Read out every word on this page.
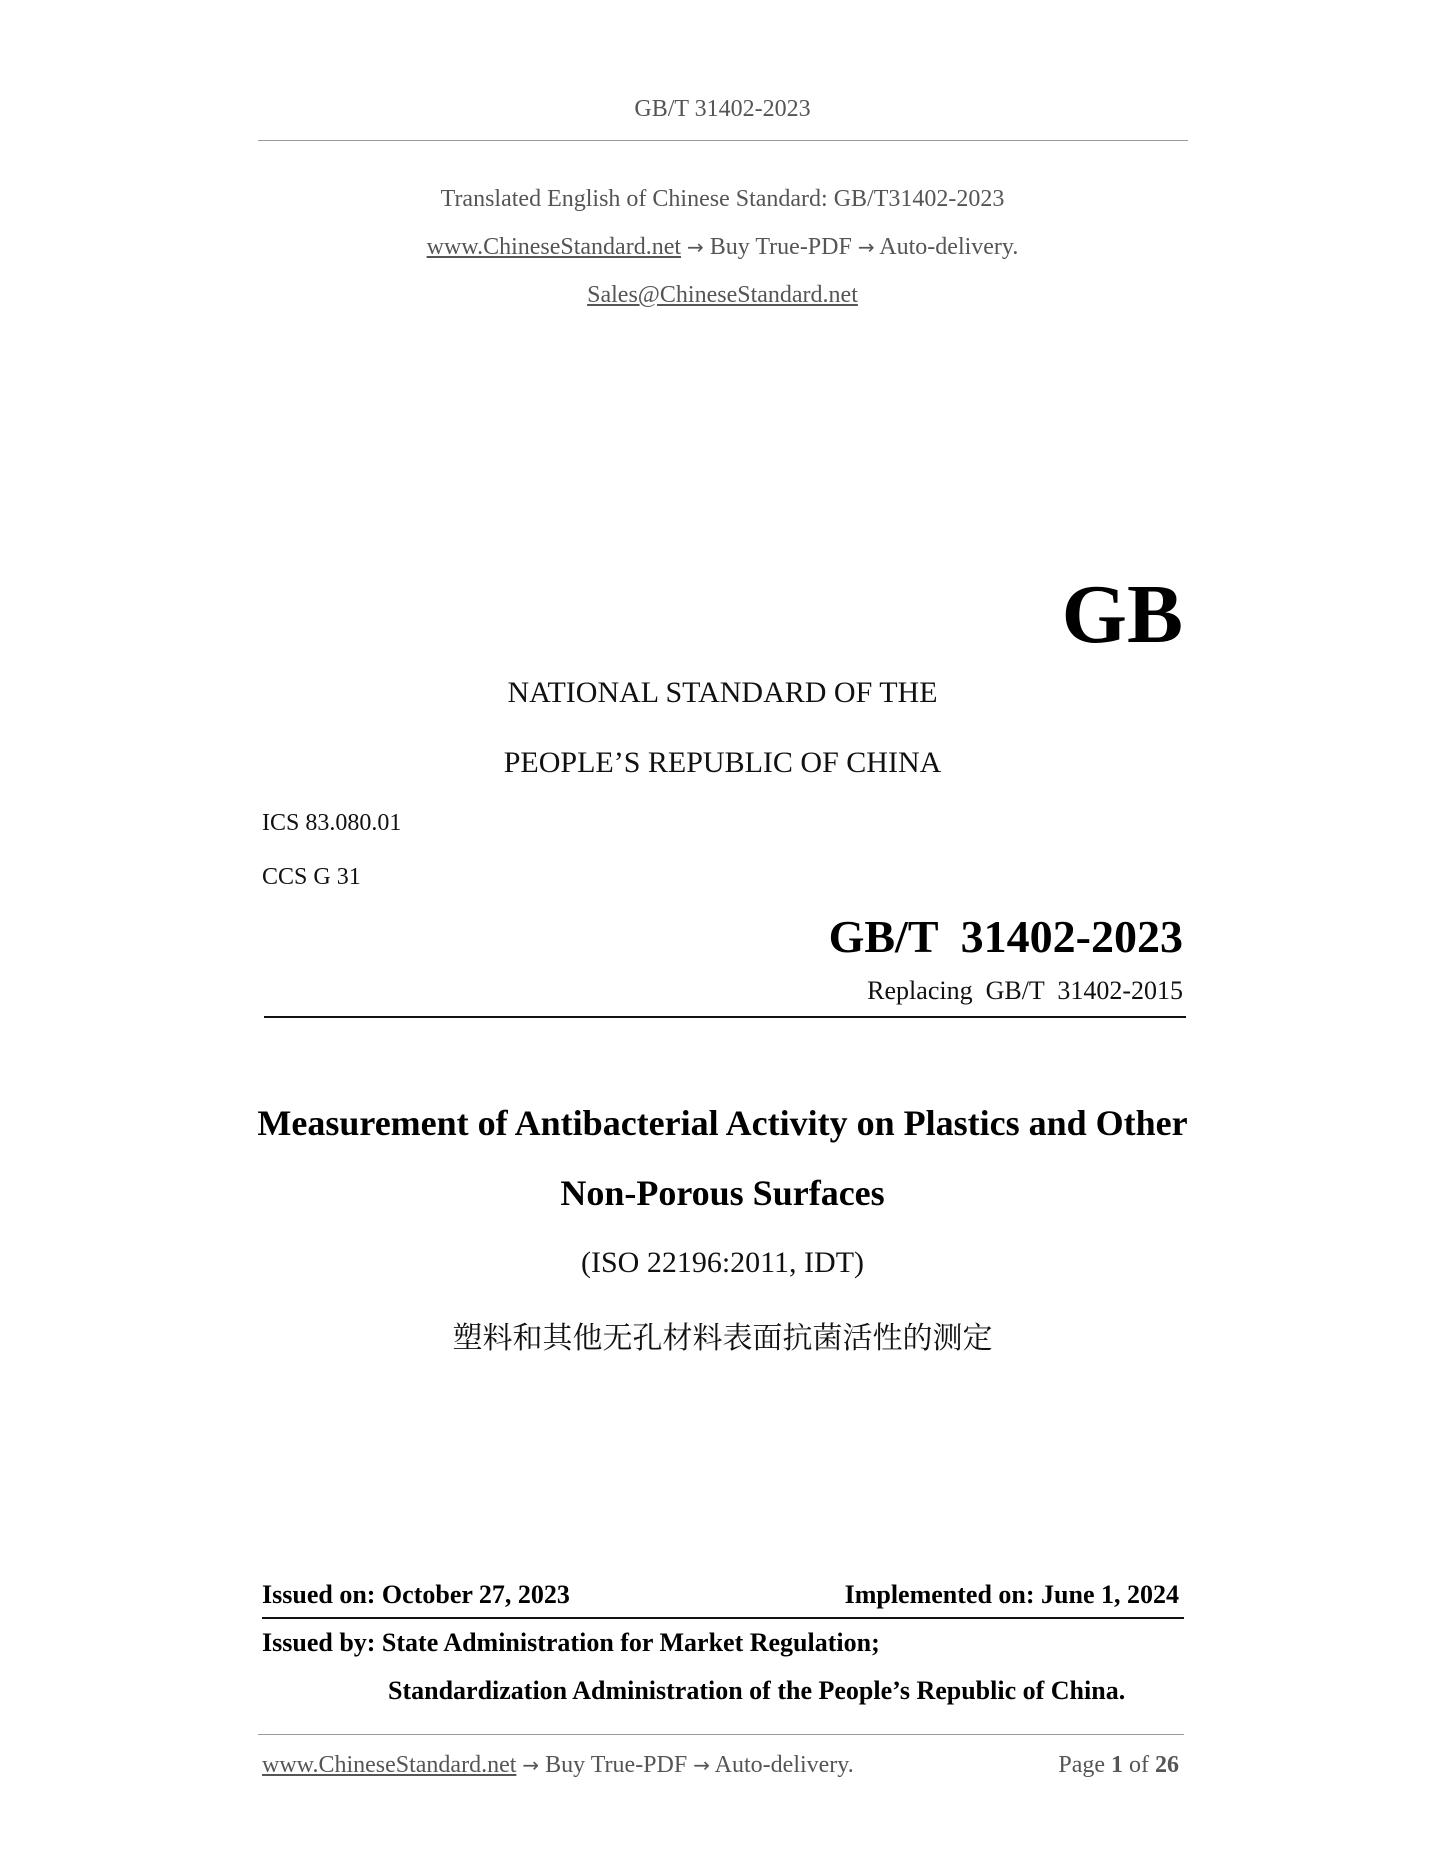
GB/T 31402-2023
Translated English of Chinese Standard: GB/T31402-2023
www.ChineseStandard.net → Buy True-PDF → Auto-delivery.
Sales@ChineseStandard.net
GB
NATIONAL STANDARD OF THE
PEOPLE’S REPUBLIC OF CHINA
ICS 83.080.01
CCS G 31
GB/T  31402-2023
Replacing  GB/T  31402-2015
Measurement of Antibacterial Activity on Plastics and Other
Non-Porous Surfaces
(ISO 22196:2011, IDT)
塑料和其他无孔材料表面抗菌活性的测定
Issued on: October 27, 2023	Implemented on: June 1, 2024
Issued by: State Administration for Market Regulation;
Standardization Administration of the People’s Republic of China.
www.ChineseStandard.net → Buy True-PDF → Auto-delivery.	Page 1 of 26
